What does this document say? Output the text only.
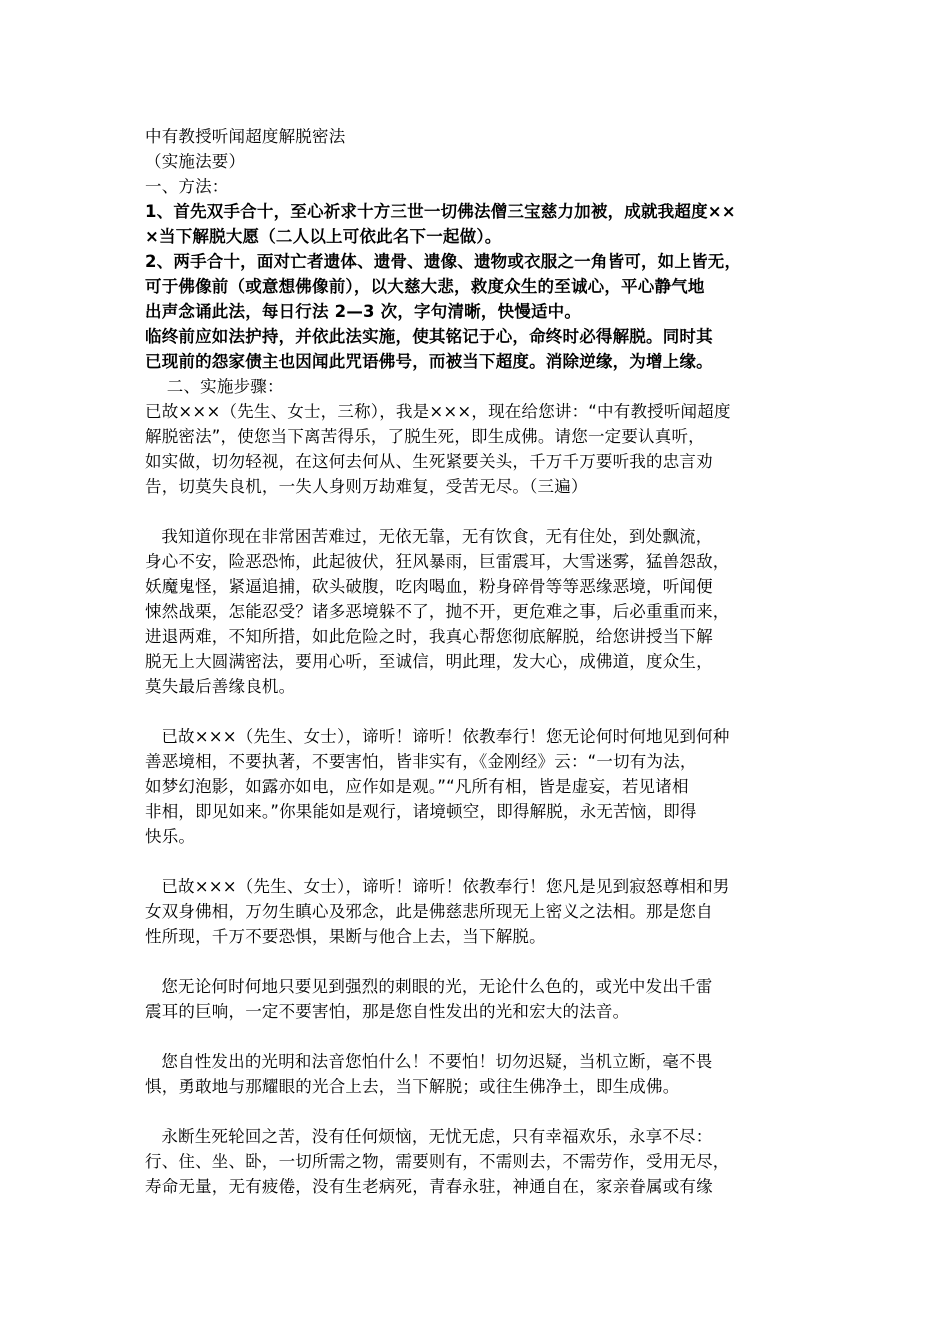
中有教授听闻超度解脱密法
（实施法要）
一、方法：
1、首先双手合十，至心祈求十方三世一切佛法僧三宝慈力加被，成就我超度××
×当下解脱大愿（二人以上可依此名下一起做）。
2、两手合十，面对亡者遗体、遗骨、遗像、遗物或衣服之一角皆可，如上皆无，
可于佛像前（或意想佛像前），以大慈大悲，救度众生的至诚心，平心静气地
出声念诵此法，每日行法 2—3 次，字句清晰，快慢适中。
临终前应如法护持，并依此法实施，使其铭记于心，命终时必得解脱。同时其
已现前的怨家债主也因闻此咒语佛号，而被当下超度。消除逆缘，为增上缘。
二、实施步骤：
已故×××（先生、女士，三称），我是×××，现在给您讲：“中有教授听闻超度
解脱密法”，使您当下离苦得乐，了脱生死，即生成佛。请您一定要认真听，
如实做，切勿轻视，在这何去何从、生死紧要关头，千万千万要听我的忠言劝
告，切莫失良机，一失人身则万劫难复，受苦无尽。（三遍）
我知道你现在非常困苦难过，无依无靠，无有饮食，无有住处，到处飘流，
身心不安，险恶恐怖，此起彼伏，狂风暴雨，巨雷震耳，大雪迷雾，猛兽怨敌，
妖魔鬼怪，紧逼追捕，砍头破腹，吃肉喝血，粉身碎骨等等恶缘恶境，听闻便
悚然战栗，怎能忍受？诸多恶境躲不了，抛不开，更危难之事，后必重重而来，
进退两难，不知所措，如此危险之时，我真心帮您彻底解脱，给您讲授当下解
脱无上大圆满密法，要用心听，至诚信，明此理，发大心，成佛道，度众生，
莫失最后善缘良机。
已故×××（先生、女士），谛听！谛听！依教奉行！您无论何时何地见到何种
善恶境相，不要执著，不要害怕，皆非实有，《金刚经》云：“一切有为法，
如梦幻泡影，如露亦如电，应作如是观。”“凡所有相，皆是虚妄，若见诸相
非相，即见如来。”你果能如是观行，诸境顿空，即得解脱，永无苦恼，即得
快乐。
已故×××（先生、女士），谛听！谛听！依教奉行！您凡是见到寂怒尊相和男
女双身佛相，万勿生瞋心及邪念，此是佛慈悲所现无上密义之法相。那是您自
性所现，千万不要恐惧，果断与他合上去，当下解脱。
您无论何时何地只要见到强烈的刺眼的光，无论什么色的，或光中发出千雷
震耳的巨响，一定不要害怕，那是您自性发出的光和宏大的法音。
您自性发出的光明和法音您怕什么！不要怕！切勿迟疑，当机立断，毫不畏
惧，勇敢地与那耀眼的光合上去，当下解脱；或往生佛净土，即生成佛。
永断生死轮回之苦，没有任何烦恼，无忧无虑，只有幸福欢乐，永享不尽：
行、住、坐、卧，一切所需之物，需要则有，不需则去，不需劳作，受用无尽，
寿命无量，无有疲倦，没有生老病死，青春永驻，神通自在，家亲眷属或有缘
